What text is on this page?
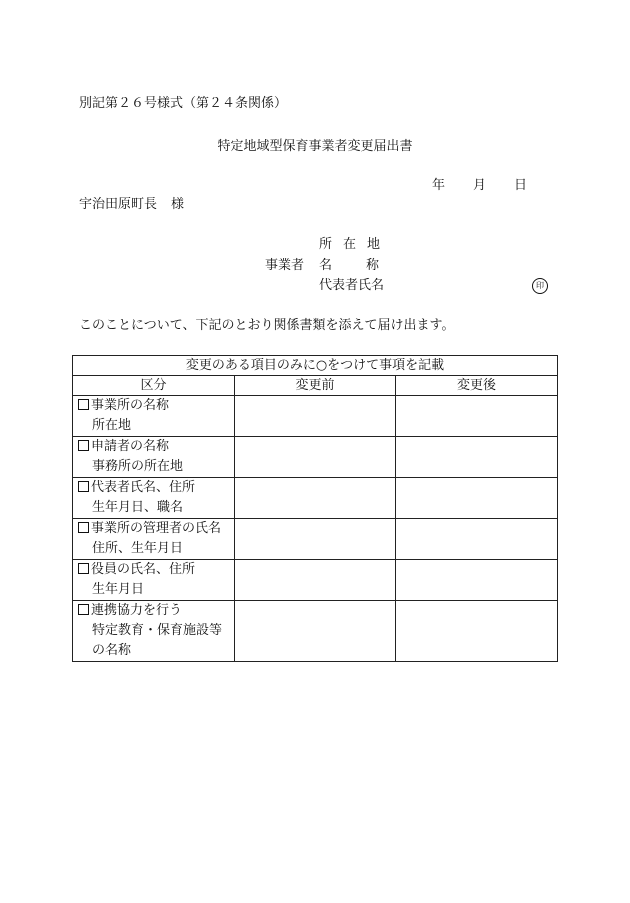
別記第２６号様式（第２４条関係）
特定地域型保育事業者変更届出書
年 月 日
宇治田原町長 様
事業者
所在地
名	称
代表者氏名	印
このことについて、下記のとおり関係書類を添えて届け出ます。
変更のある項目のみに○をつけて事項を記載		
区分	変更前	変更後

事業所の名称
所在地		

申請者の名称
事務所の所在地		

代表者氏名、住所
生年月日、職名		

事業所の管理者の氏名
住所、生年月日		

役員の氏名、住所
生年月日		

連携協力を行う
特定教育・保育施設等
の名称		
